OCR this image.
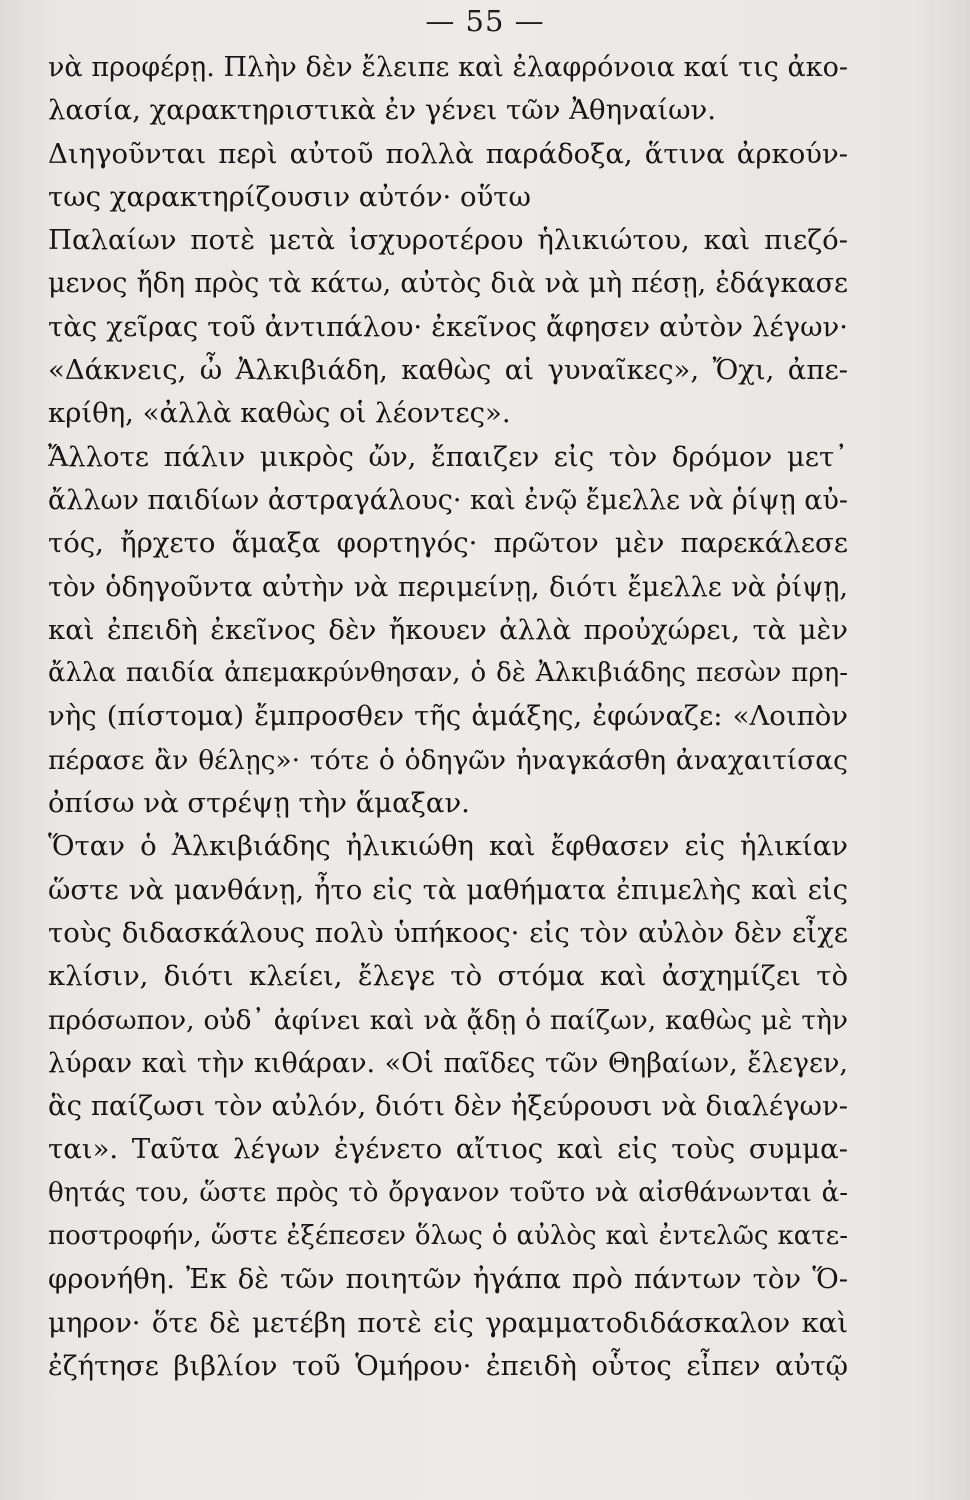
— 55 —
νὰ προφέρῃ. Πλὴν δὲν ἔλειπε καὶ ἐλαφρόνοια καί τις ἀκο-
λασία, χαρακτηριστικὰ ἐν γένει τῶν Ἀθηναίων.
Διηγοῦνται περὶ αὐτοῦ πολλὰ παράδοξα, ἅτινα ἀρκούν-
τως χαρακτηρίζουσιν αὐτόν· οὕτω
Παλαίων ποτὲ μετὰ ἰσχυροτέρου ἡλικιώτου, καὶ πιεζό-
μενος ἤδη πρὸς τὰ κάτω, αὐτὸς διὰ νὰ μὴ πέσῃ, ἐδάγκασε
τὰς χεῖρας τοῦ ἀντιπάλου· ἐκεῖνος ἄφησεν αὐτὸν λέγων·
«Δάκνεις, ὦ Ἀλκιβιάδη, καθὼς αἱ γυναῖκες», Ὄχι, ἀπε-
κρίθη, «ἀλλὰ καθὼς οἱ λέοντες».
Ἄλλοτε πάλιν μικρὸς ὤν, ἔπαιζεν εἰς τὸν δρόμον μετ᾽
ἄλλων παιδίων ἀστραγάλους· καὶ ἐνῷ ἔμελλε νὰ ῥίψῃ αὐ-
τός, ἤρχετο ἅμαξα φορτηγός· πρῶτον μὲν παρεκάλεσε
τὸν ὁδηγοῦντα αὐτὴν νὰ περιμείνῃ, διότι ἔμελλε νὰ ῥίψῃ,
καὶ ἐπειδὴ ἐκεῖνος δὲν ἤκουεν ἀλλὰ προὐχώρει, τὰ μὲν
ἄλλα παιδία ἀπεμακρύνθησαν, ὁ δὲ Ἀλκιβιάδης πεσὼν πρη-
νὴς (πίστομα) ἔμπροσθεν τῆς ἁμάξης, ἐφώναζε: «Λοιπὸν
πέρασε ἂν θέλῃς»· τότε ὁ ὁδηγῶν ἠναγκάσθη ἀναχαιτίσας
ὀπίσω νὰ στρέψῃ τὴν ἅμαξαν.
Ὅταν ὁ Ἀλκιβιάδης ἠλικιώθη καὶ ἔφθασεν εἰς ἡλικίαν
ὥστε νὰ μανθάνῃ, ἦτο εἰς τὰ μαθήματα ἐπιμελὴς καὶ εἰς
τοὺς διδασκάλους πολὺ ὑπήκοος· εἰς τὸν αὐλὸν δὲν εἶχε
κλίσιν, διότι κλείει, ἔλεγε τὸ στόμα καὶ ἀσχημίζει τὸ
πρόσωπον, οὐδ᾽ ἀφίνει καὶ νὰ ᾄδῃ ὁ παίζων, καθὼς μὲ τὴν
λύραν καὶ τὴν κιθάραν. «Οἱ παῖδες τῶν Θηβαίων, ἔλεγεν,
ἃς παίζωσι τὸν αὐλόν, διότι δὲν ἠξεύρουσι νὰ διαλέγων-
ται». Ταῦτα λέγων ἐγένετο αἴτιος καὶ εἰς τοὺς συμμα-
θητάς του, ὥστε πρὸς τὸ ὄργανον τοῦτο νὰ αἰσθάνωνται ἀ-
ποστροφήν, ὥστε ἐξέπεσεν ὅλως ὁ αὐλὸς καὶ ἐντελῶς κατε-
φρονήθη. Ἐκ δὲ τῶν ποιητῶν ἠγάπα πρὸ πάντων τὸν Ὅ-
μηρον· ὅτε δὲ μετέβη ποτὲ εἰς γραμματοδιδάσκαλον καὶ
ἐζήτησε βιβλίον τοῦ Ὁμήρου· ἐπειδὴ οὗτος εἶπεν αὐτῷ
